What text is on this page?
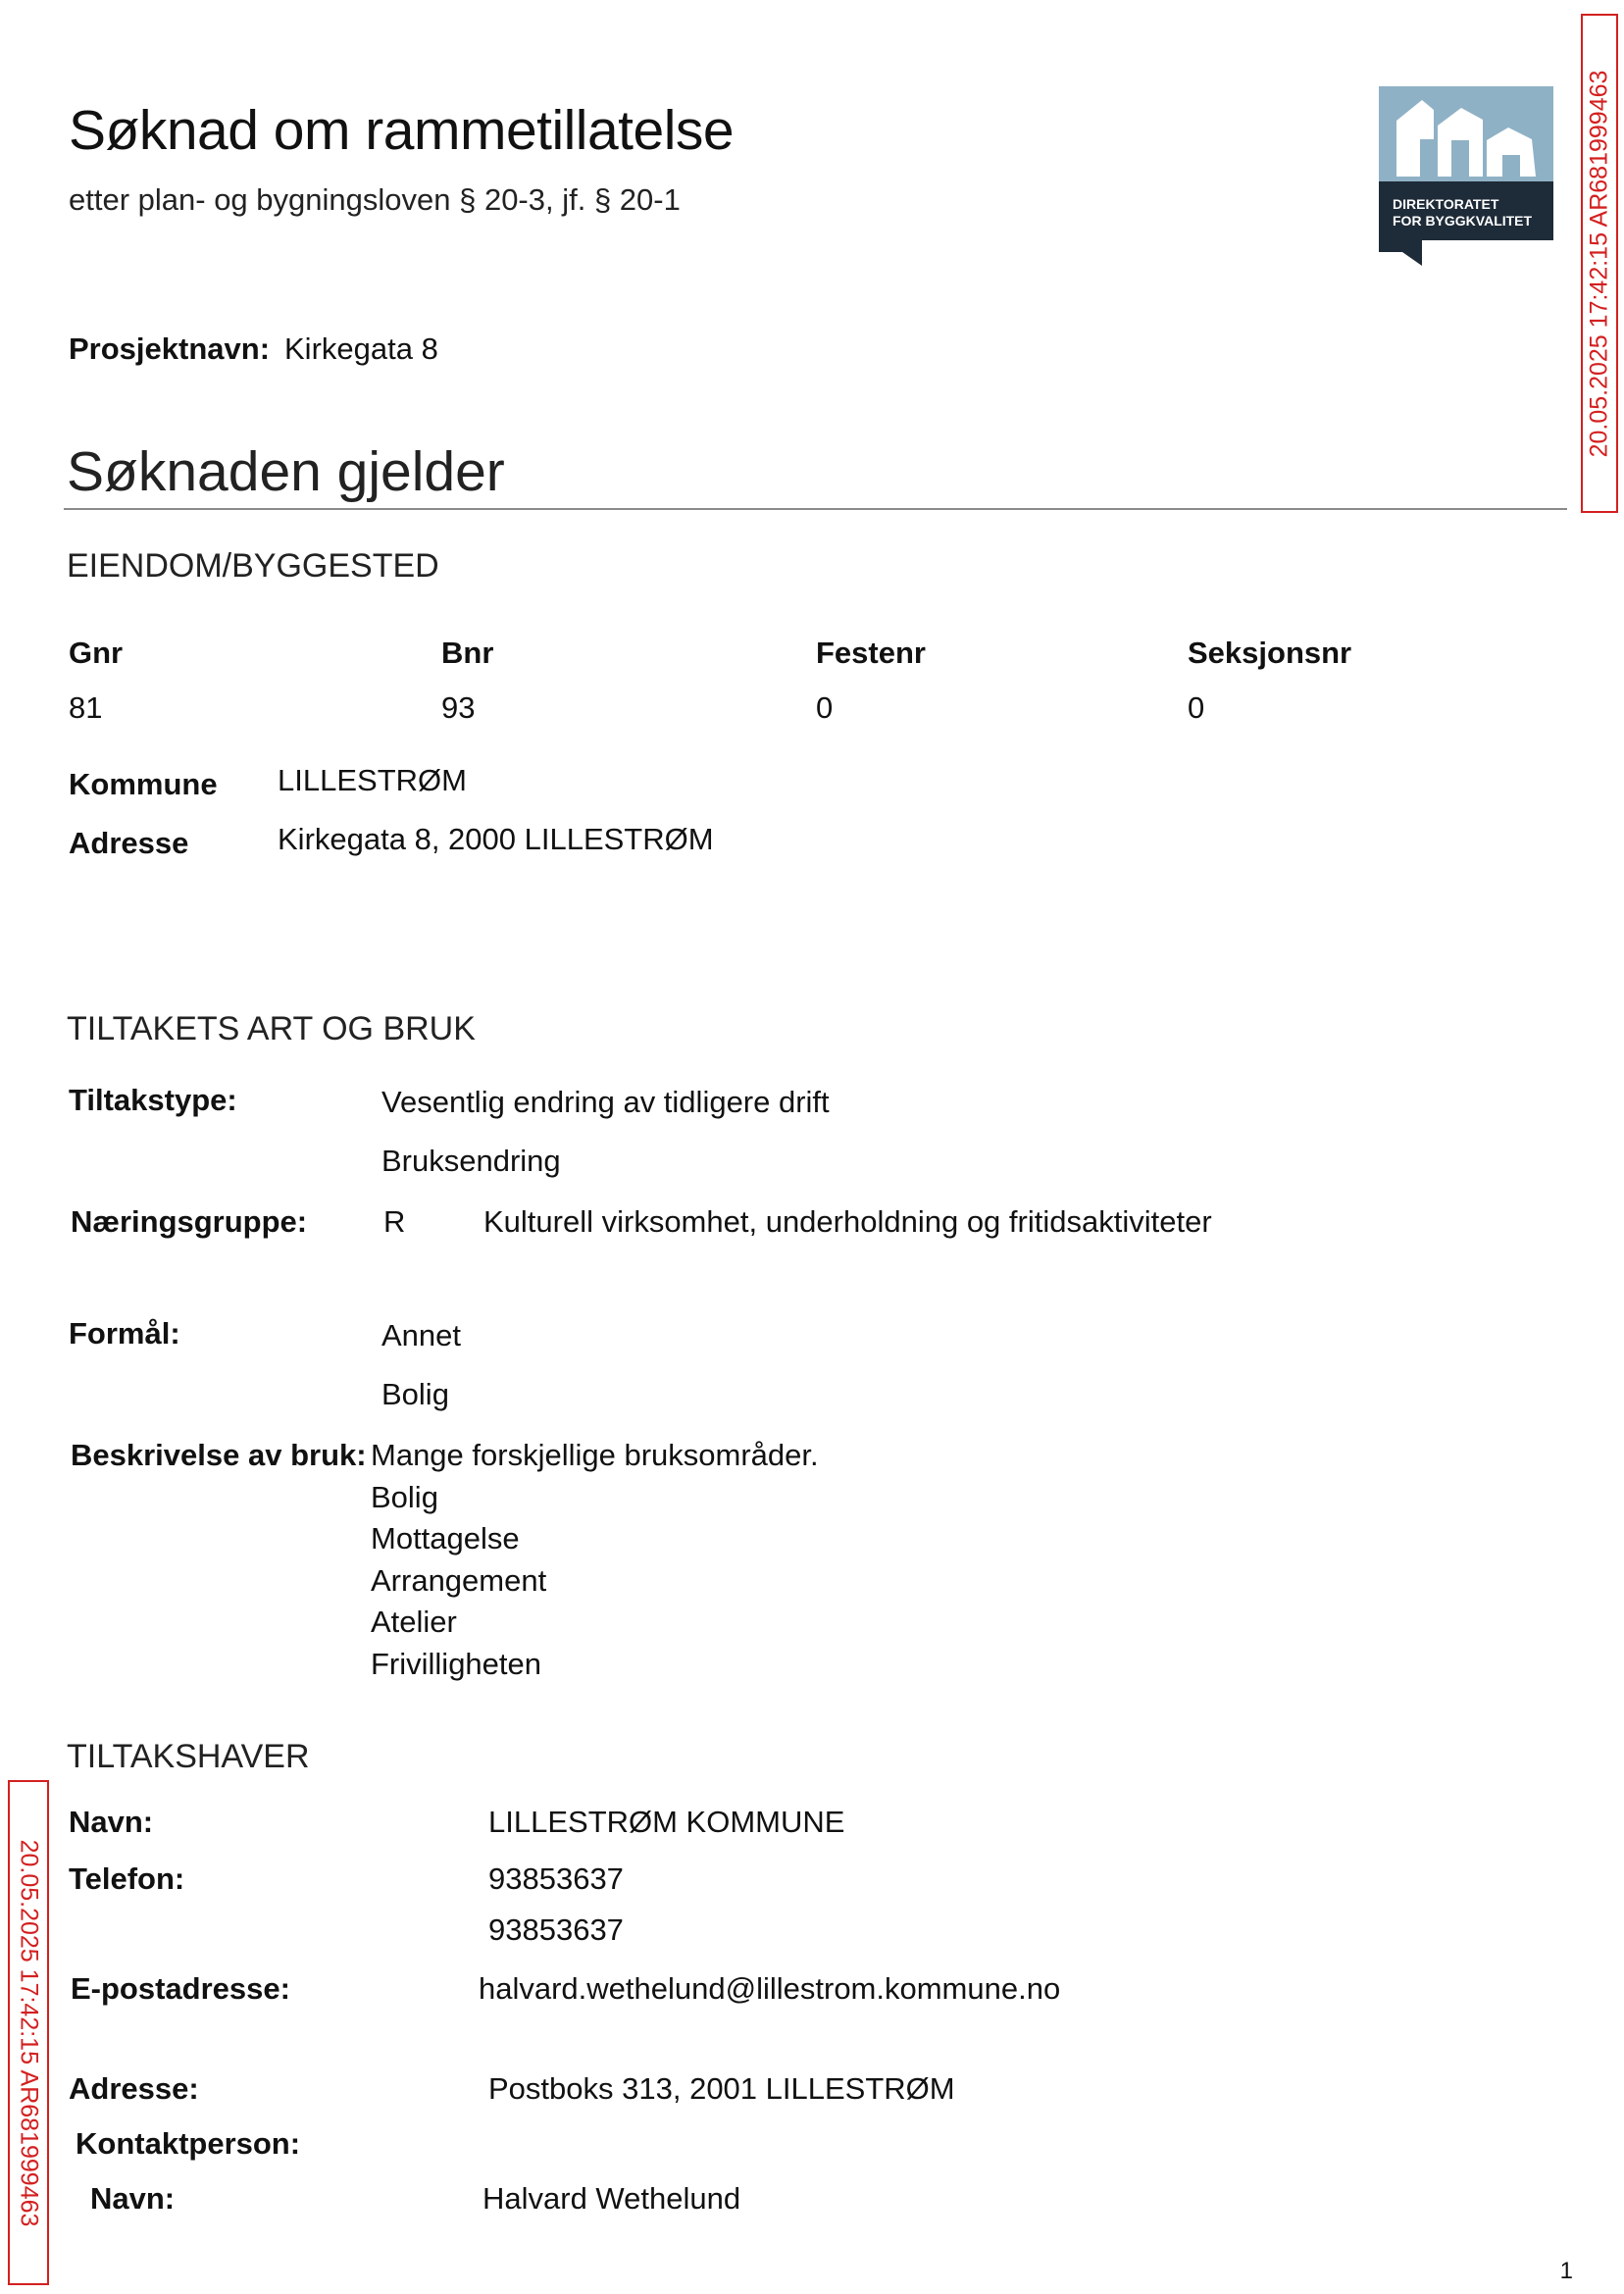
Søknad om rammetillatelse
etter plan- og bygningsloven § 20-3, jf. § 20-1	DIREKTORATET
FOR BYGGKVALITET	20.05.2025 17:42:15 AR681999463
20.05.2025 17:42:15 AR681999463
Prosjektnavn: Kirkegata 8
Søknaden gjelder
EIENDOM/BYGGESTED
Gnr	Bnr	Festenr	Seksjonsnr
81	93	0	0
Kommune LILLESTRØM
Adresse	Kirkegata 8, 2000 LILLESTRØM
TILTAKETS ART OG BRUK
Tiltakstype:	Vesentlig endring av tidligere drift
Bruksendring
Næringsgruppe:	R	Kulturell virksomhet, underholdning og fritidsaktiviteter
Formål:	Annet
Bolig
Beskrivelse av bruk: Mange forskjellige bruksområder.
Bolig
Mottagelse
Arrangement
Atelier
Frivilligheten
TILTAKSHAVER
Navn:	LILLESTRØM KOMMUNE
Telefon:	93853637
93853637
E-postadresse:	halvard.wethelund@lillestrom.kommune.no
Adresse:	Postboks 313, 2001 LILLESTRØM
Kontaktperson:
Navn:	Halvard Wethelund
1
